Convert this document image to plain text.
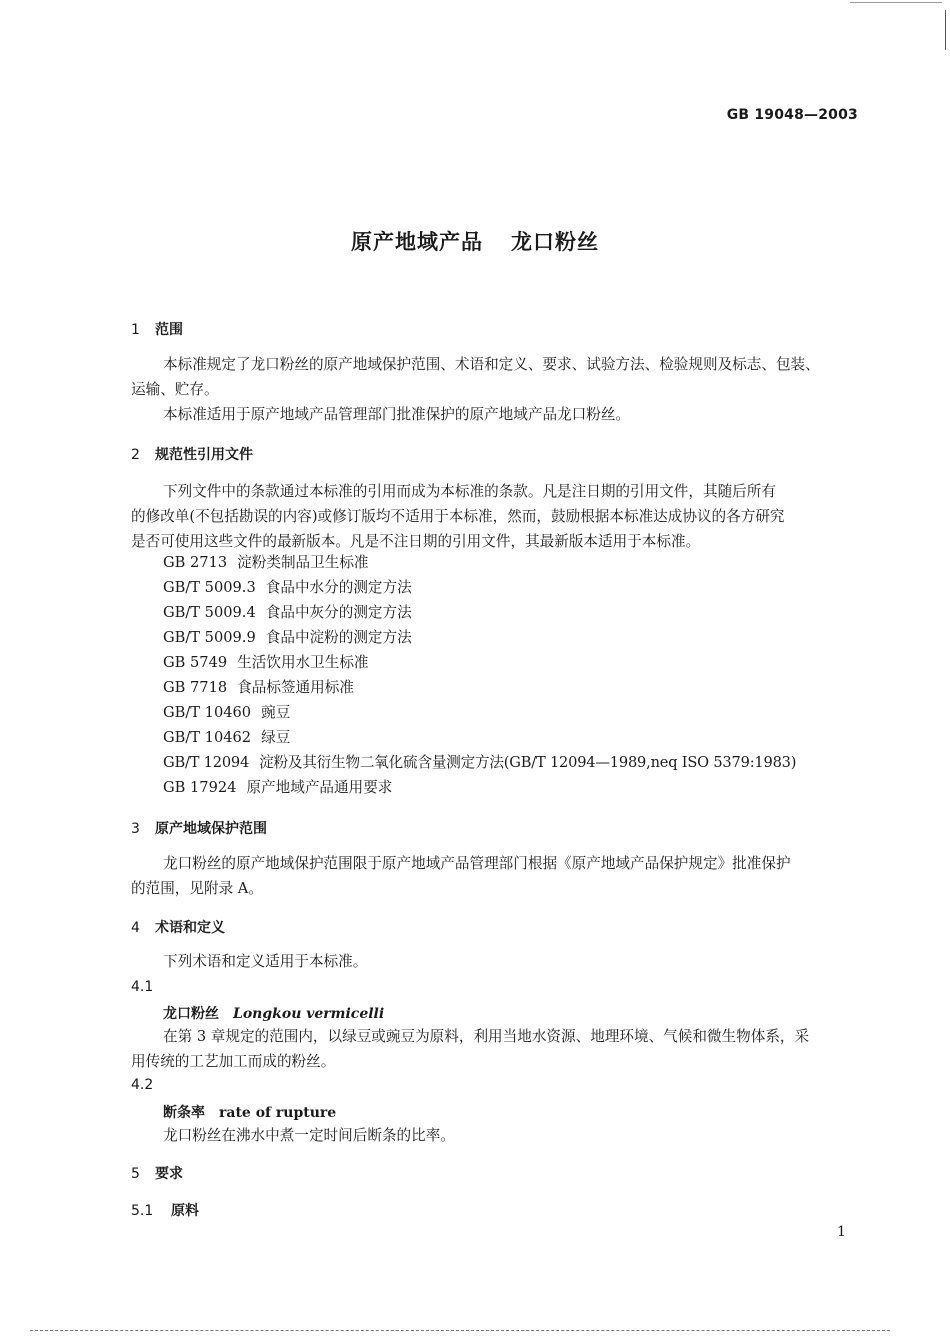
GB 19048—2003
原产地域产品 龙口粉丝
1 范围
本标准规定了龙口粉丝的原产地域保护范围、术语和定义、要求、试验方法、检验规则及标志、包装、
运输、贮存。
本标准适用于原产地域产品管理部门批准保护的原产地域产品龙口粉丝。
2 规范性引用文件
下列文件中的条款通过本标准的引用而成为本标准的条款。凡是注日期的引用文件，其随后所有
的修改单(不包括勘误的内容)或修订版均不适用于本标准，然而，鼓励根据本标准达成协议的各方研究
是否可使用这些文件的最新版本。凡是不注日期的引用文件，其最新版本适用于本标准。
GB 2713 淀粉类制品卫生标准
GB/T 5009.3 食品中水分的测定方法
GB/T 5009.4 食品中灰分的测定方法
GB/T 5009.9 食品中淀粉的测定方法
GB 5749 生活饮用水卫生标准
GB 7718 食品标签通用标准
GB/T 10460 豌豆
GB/T 10462 绿豆
GB/T 12094 淀粉及其衍生物二氧化硫含量测定方法(GB/T 12094—1989,neq ISO 5379:1983)
GB 17924 原产地域产品通用要求
3 原产地域保护范围
龙口粉丝的原产地域保护范围限于原产地域产品管理部门根据《原产地域产品保护规定》批准保护
的范围，见附录 A。
4 术语和定义
下列术语和定义适用于本标准。
4.1
龙口粉丝 Longkou vermicelli
在第 3 章规定的范围内，以绿豆或豌豆为原料，利用当地水资源、地理环境、气候和微生物体系，采
用传统的工艺加工而成的粉丝。
4.2
断条率 rate of rupture
龙口粉丝在沸水中煮一定时间后断条的比率。
5 要求
5.1 原料
1
